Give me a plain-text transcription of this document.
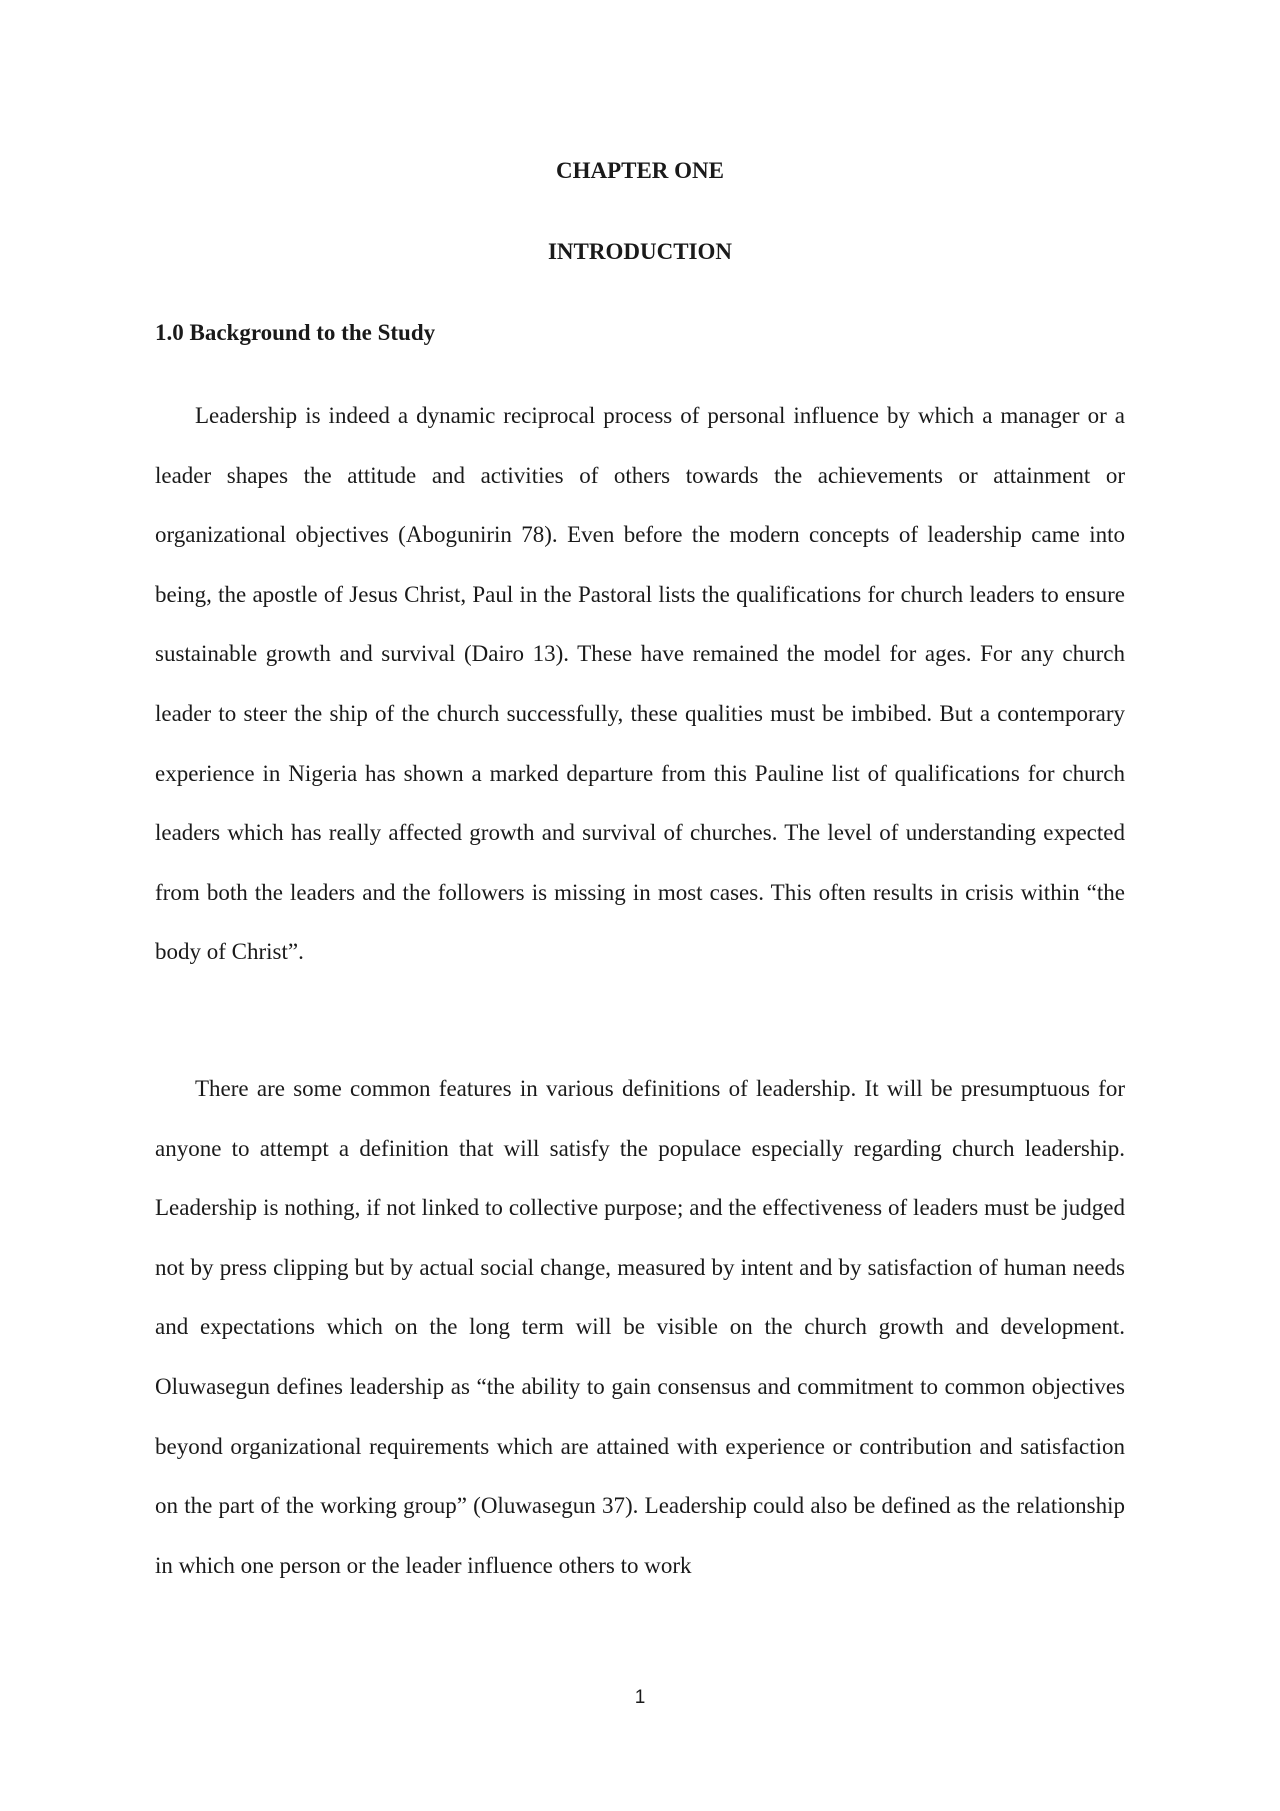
CHAPTER ONE
INTRODUCTION
1.0 Background to the Study

Leadership is indeed a dynamic reciprocal process of personal influence by which a manager or a leader shapes the attitude and activities of others towards the achievements or attainment or organizational objectives (Abogunirin 78). Even before the modern concepts of leadership came into being, the apostle of Jesus Christ, Paul in the Pastoral lists the qualifications for church leaders to ensure sustainable growth and survival (Dairo 13). These have remained the model for ages. For any church leader to steer the ship of the church successfully, these qualities must be imbibed. But a contemporary experience in Nigeria has shown a marked departure from this Pauline list of qualifications for church leaders which has really affected growth and survival of churches. The level of understanding expected from both the leaders and the followers is missing in most cases. This often results in crisis within “the body of Christ”.

There are some common features in various definitions of leadership. It will be presumptuous for anyone to attempt a definition that will satisfy the populace especially regarding church leadership. Leadership is nothing, if not linked to collective purpose; and the effectiveness of leaders must be judged not by press clipping but by actual social change, measured by intent and by satisfaction of human needs and expectations which on the long term will be visible on the church growth and development. Oluwasegun defines leadership as “the ability to gain consensus and commitment to common objectives beyond organizational requirements which are attained with experience or contribution and satisfaction on the part of the working group” (Oluwasegun 37). Leadership could also be defined as the relationship in which one person or the leader influence others to work

1
